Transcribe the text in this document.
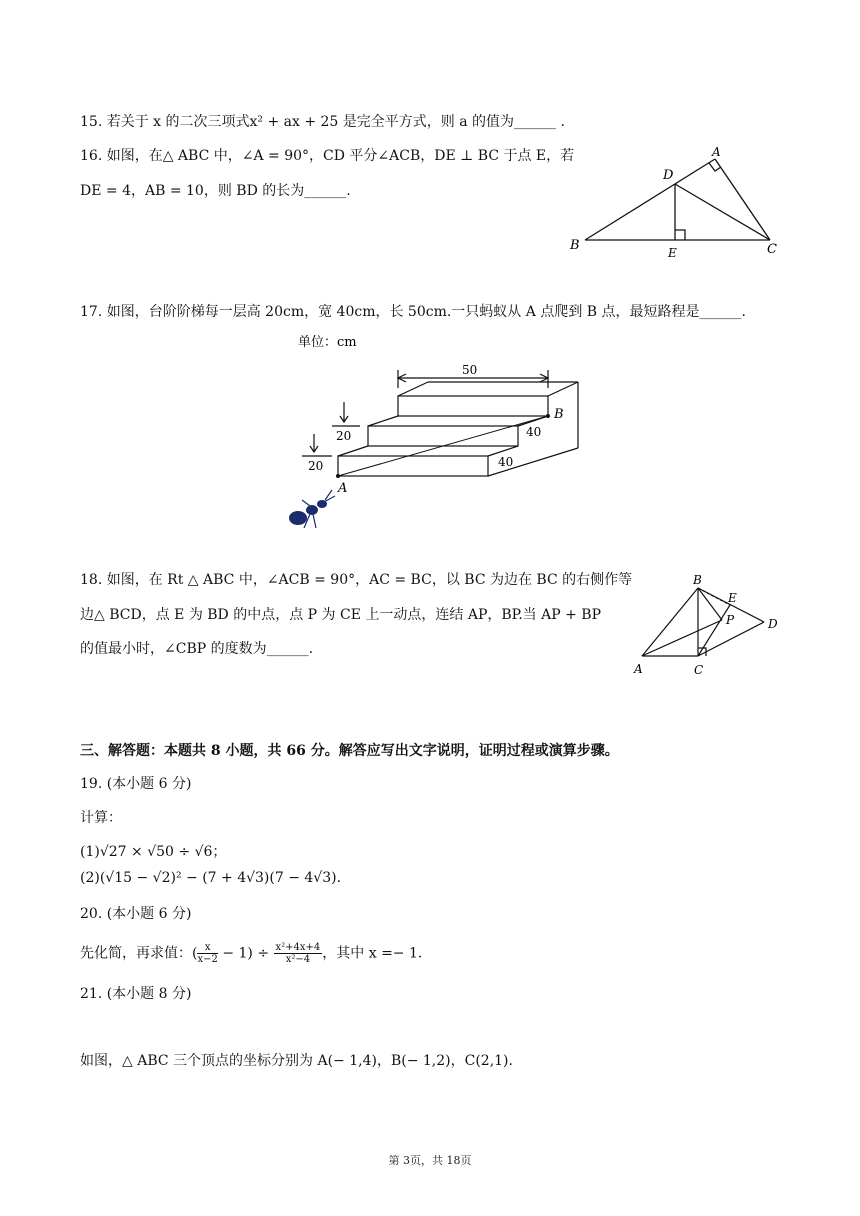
15. 若关于 x 的二次三项式x² + ax + 25 是完全平方式，则 a 的值为______ .
16. 如图，在△ ABC 中，∠A = 90°，CD 平分∠ACB，DE ⊥ BC 于点 E，若
DE = 4，AB = 10，则 BD 的长为______.
A
D
B	E	C
17. 如图，台阶阶梯每一层高 20cm，宽 40cm，长 50cm.一只蚂蚁从 A 点爬到 B 点，最短路程是______.
单位：cm
50
20
20
40
40
B
A
18. 如图，在 Rt △ ABC 中，∠ACB = 90°，AC = BC，以 BC 为边在 BC 的右侧作等
边△ BCD，点 E 为 BD 的中点，点 P 为 CE 上一动点，连结 AP，BP.当 AP + BP
的值最小时，∠CBP 的度数为______.
B
E
P	D
A	C
三、解答题：本题共 8 小题，共 66 分。解答应写出文字说明，证明过程或演算步骤。
19. (本小题 6 分)
计算：
(1)√27 × √50 ÷ √6；
(2)(√15 − √2)² − (7 + 4√3)(7 − 4√3).
20. (本小题 6 分)
先化简，再求值：( $\frac{x}{x-2} - 1) \div \frac{\text{x²+4x+4}}{\text{x²−4}}$ ，其中 x =− 1.
21. (本小题 8 分)
如图，△ ABC 三个顶点的坐标分别为 A(− 1,4)，B(− 1,2)，C(2,1).
第 3页，共 18页
